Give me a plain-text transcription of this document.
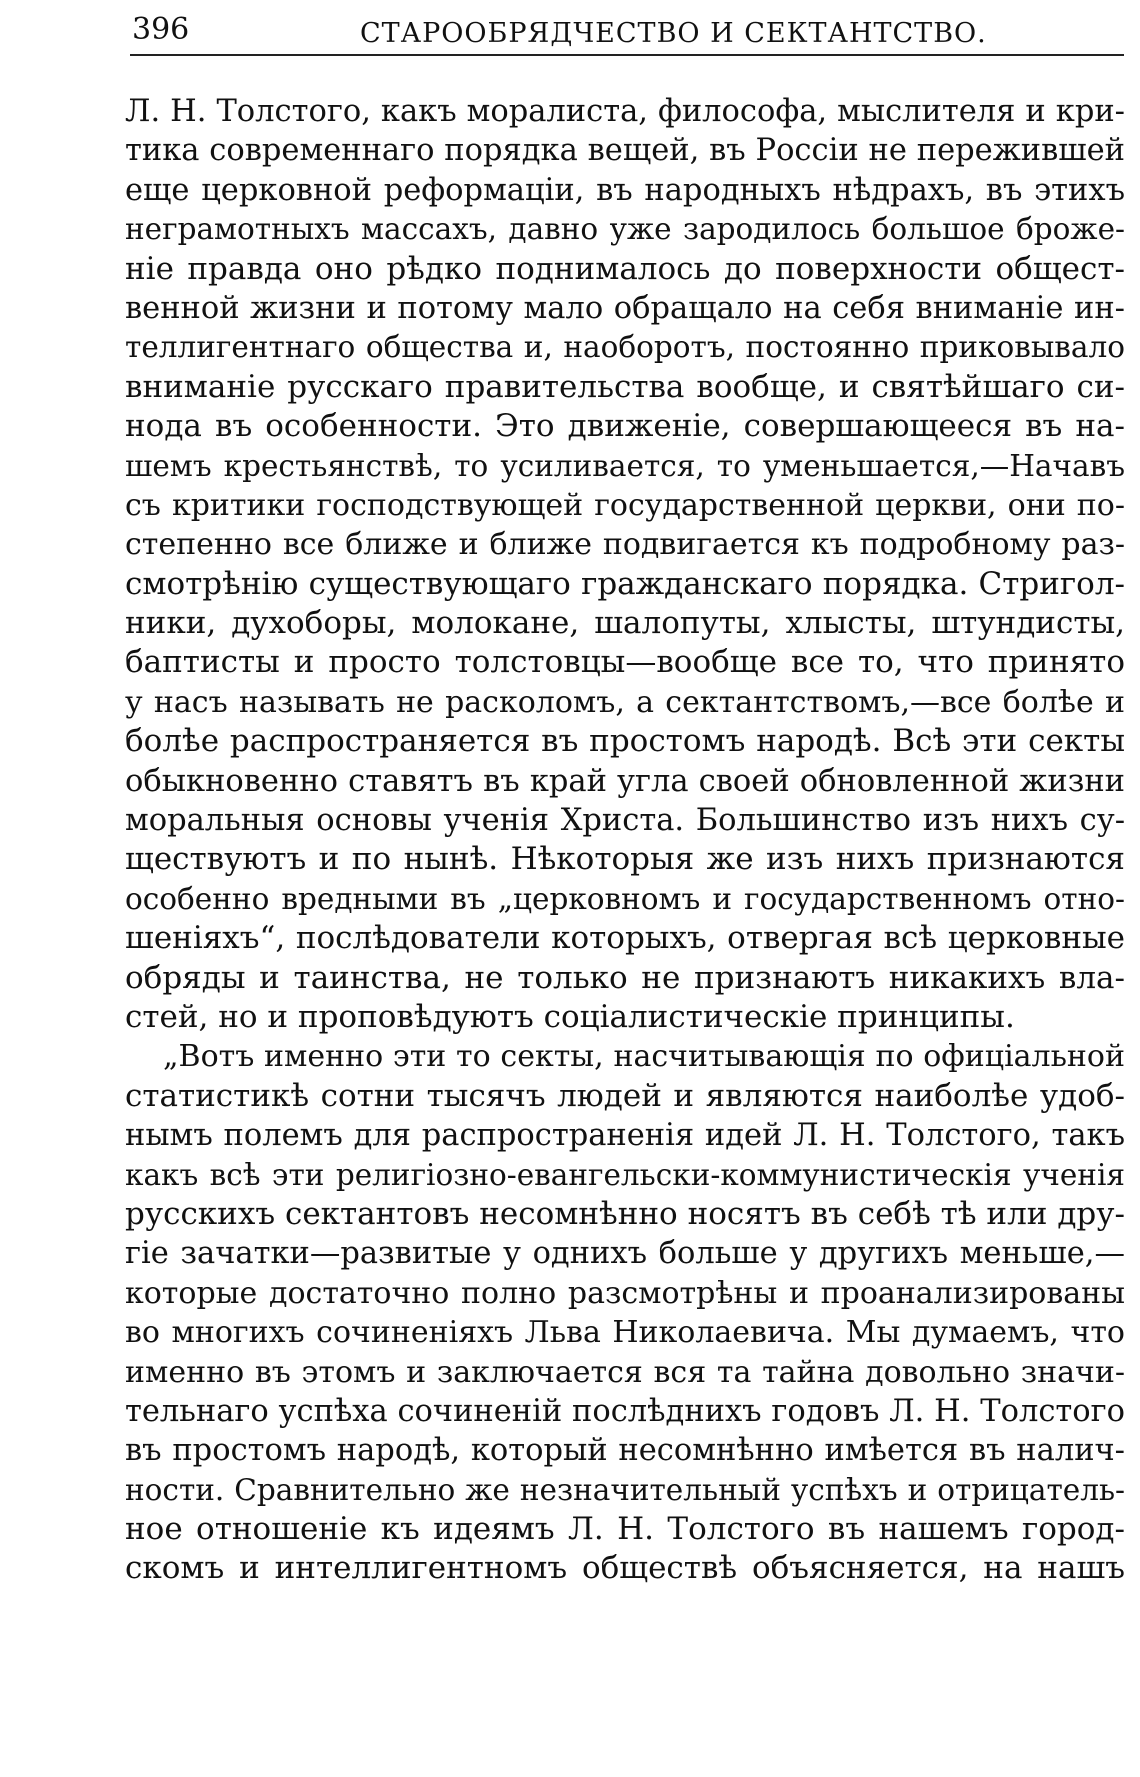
396	СТАРООБРЯДЧЕСТВО И СЕКТАНТСТВО.
Л. Н. Толстого, какъ моралиста, философа, мыслителя и кри-
тика современнаго порядка вещей, въ Россiи не пережившей
еще церковной реформацiи, въ народныхъ нѣдрахъ, въ этихъ
неграмотныхъ массахъ, давно уже зародилось большое броже-
нiе правда оно рѣдко поднималось до поверхности общест-
венной жизни и потому мало обращало на себя вниманiе ин-
теллигентнаго общества и, наоборотъ, постоянно приковывало
вниманiе русскаго правительства вообще, и святѣйшаго си-
нода въ особенности. Это движенiе, совершающееся въ на-
шемъ крестьянствѣ, то усиливается, то уменьшается,—Начавъ
съ критики господствующей государственной церкви, они по-
степенно все ближе и ближе подвигается къ подробному раз-
смотрѣнiю существующаго гражданскаго порядка. Стригол-
ники, духоборы, молокане, шалопуты, хлысты, штундисты,
баптисты и просто толстовцы—вообще все то, что принято
у насъ называть не расколомъ, а сектантствомъ,—все болѣе и
болѣе распространяется въ простомъ народѣ. Всѣ эти секты
обыкновенно ставятъ въ край угла своей обновленной жизни
моральныя основы ученiя Христа. Большинство изъ нихъ су-
ществуютъ и по нынѣ. Нѣкоторыя же изъ нихъ признаются
особенно вредными въ „церковномъ и государственномъ отно-
шенiяхъ“, послѣдователи которыхъ, отвергая всѣ церковные
обряды и таинства, не только не признаютъ никакихъ вла-
стей, но и проповѣдуютъ соцiалистическiе принципы.
„Вотъ именно эти то секты, насчитывающiя по офицiальной
статистикѣ сотни тысячъ людей и являются наиболѣе удоб-
нымъ полемъ для распространенiя идей Л. Н. Толстого, такъ
какъ всѣ эти религiозно-евангельски-коммунистическiя ученiя
русскихъ сектантовъ несомнѣнно носятъ въ себѣ тѣ или дру-
гiе зачатки—развитые у однихъ больше у другихъ меньше,—
которые достаточно полно разсмотрѣны и проанализированы
во многихъ сочиненiяхъ Льва Николаевича. Мы думаемъ, что
именно въ этомъ и заключается вся та тайна довольно значи-
тельнаго успѣха сочиненiй послѣднихъ годовъ Л. Н. Толстого
въ простомъ народѣ, который несомнѣнно имѣется въ налич-
ности. Сравнительно же незначительный успѣхъ и отрицатель-
ное отношенiе къ идеямъ Л. Н. Толстого въ нашемъ город-
скомъ и интеллигентномъ обществѣ объясняется, на нашъ
